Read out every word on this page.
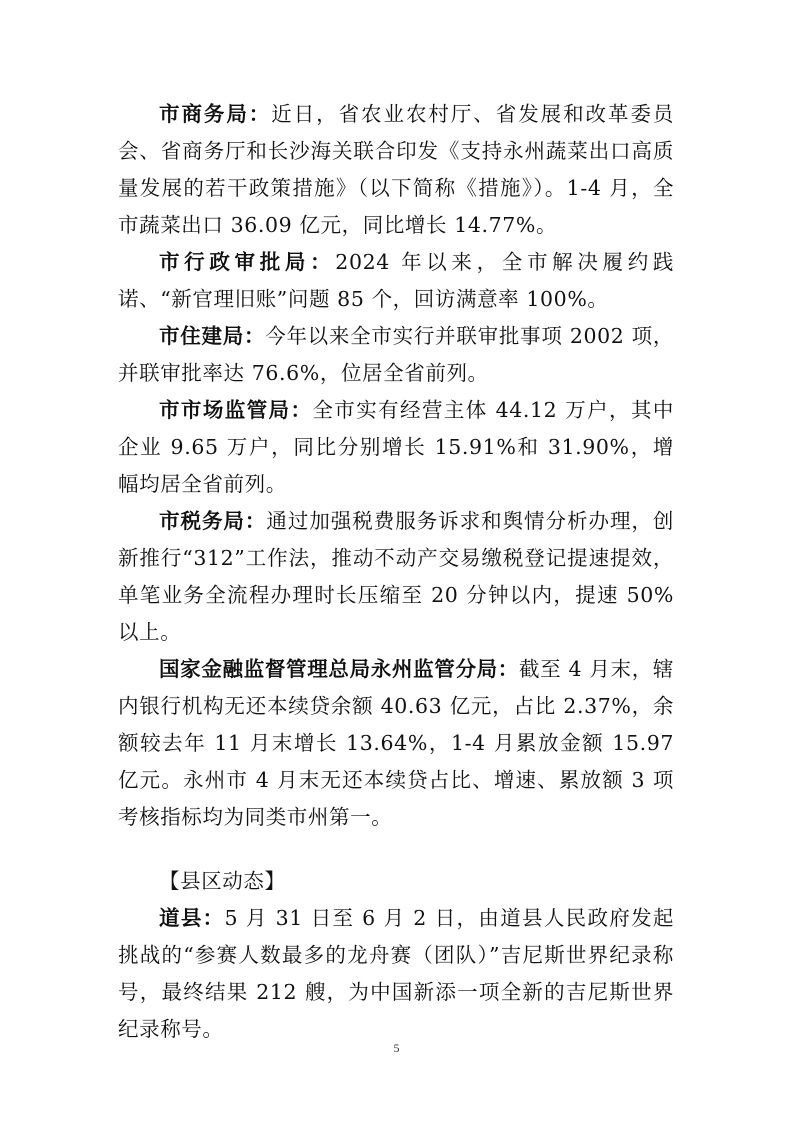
市商务局：近日，省农业农村厅、省发展和改革委员会、省商务厅和长沙海关联合印发《支持永州蔬菜出口高质量发展的若干政策措施》（以下简称《措施》）。1-4 月，全市蔬菜出口 36.09 亿元，同比增长 14.77%。

市行政审批局：2024 年以来，全市解决履约践诺、“新官理旧账”问题 85 个，回访满意率 100%。

市住建局：今年以来全市实行并联审批事项 2002 项，并联审批率达 76.6%，位居全省前列。

市市场监管局：全市实有经营主体 44.12 万户，其中企业 9.65 万户，同比分别增长 15.91%和 31.90%，增幅均居全省前列。

市税务局：通过加强税费服务诉求和舆情分析办理，创新推行“312”工作法，推动不动产交易缴税登记提速提效，单笔业务全流程办理时长压缩至 20 分钟以内，提速 50%以上。

国家金融监督管理总局永州监管分局：截至 4 月末，辖内银行机构无还本续贷余额 40.63 亿元，占比 2.37%，余额较去年 11 月末增长 13.64%，1-4 月累放金额 15.97 亿元。永州市 4 月末无还本续贷占比、增速、累放额 3 项考核指标均为同类市州第一。

【县区动态】

道县：5 月 31 日至 6 月 2 日，由道县人民政府发起挑战的“参赛人数最多的龙舟赛（团队）”吉尼斯世界纪录称号，最终结果 212 艘，为中国新添一项全新的吉尼斯世界纪录称号。

5
